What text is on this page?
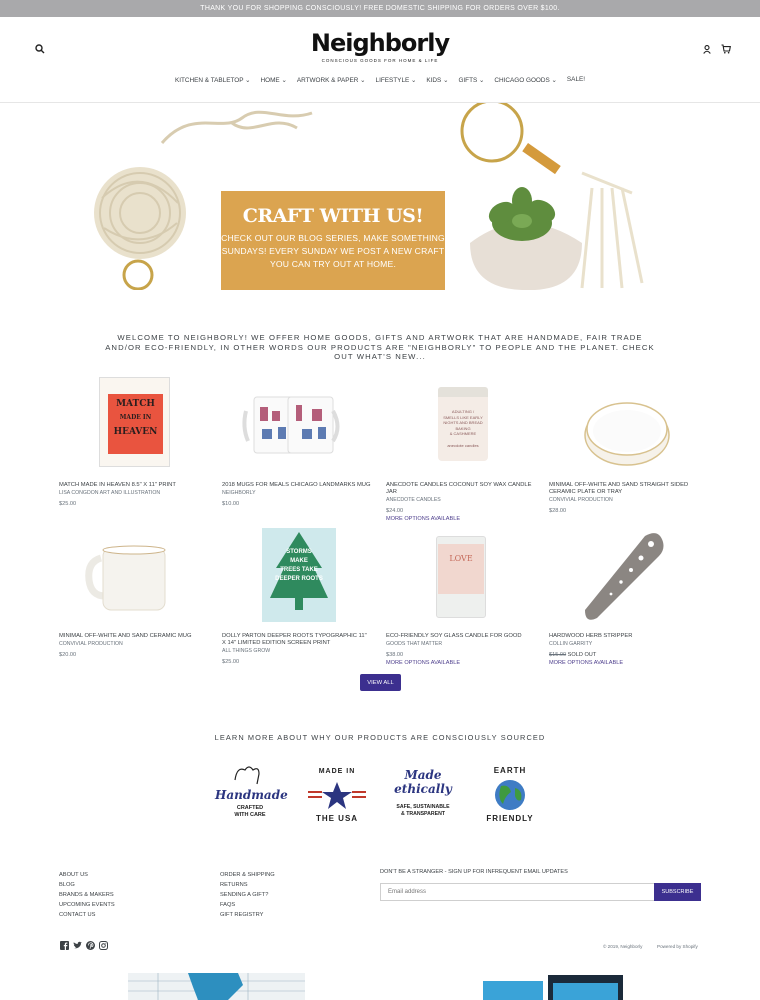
THANK YOU FOR SHOPPING CONSCIOUSLY! FREE DOMESTIC SHIPPING FOR ORDERS OVER $100.
Neighborly
CONSCIOUS GOODS FOR HOME & LIFE
KITCHEN & TABLETOP ⌄ HOME ⌄ ARTWORK & PAPER ⌄ LIFESTYLE ⌄ KIDS ⌄ GIFTS ⌄ CHICAGO GOODS ⌄ SALE!
CRAFT WITH US!
CHECK OUT OUR BLOG SERIES, MAKE SOMETHING SUNDAYS! EVERY SUNDAY WE POST A NEW CRAFT YOU CAN TRY OUT AT HOME.

WELCOME TO NEIGHBORLY! WE OFFER HOME GOODS, GIFTS AND ARTWORK THAT ARE HANDMADE, FAIR TRADE AND/OR ECO-FRIENDLY, IN OTHER WORDS OUR PRODUCTS ARE "NEIGHBORLY" TO PEOPLE AND THE PLANET. CHECK OUT WHAT'S NEW...

MATCH
MADE IN
HEAVEN
MATCH MADE IN HEAVEN 8.5" X 11" PRINT
LISA CONGDON ART AND ILLUSTRATION
$25.00
2018 MUGS FOR MEALS CHICAGO LANDMARKS MUG
NEIGHBORLY
$10.00
ADULTING /
SMELLS LIKE EARLY
NIGHTS AND BREAD
BAKING
& CASHMERE
anecdote candles
ANECDOTE CANDLES COCONUT SOY WAX CANDLE JAR
ANECDOTE CANDLES
$24.00
MORE OPTIONS AVAILABLE
MINIMAL OFF-WHITE AND SAND STRAIGHT SIDED CERAMIC PLATE OR TRAY
CONVIVIAL PRODUCTION
$28.00
MINIMAL OFF-WHITE AND SAND CERAMIC MUG
CONVIVIAL PRODUCTION
$20.00
STORMS
MAKE
TREES TAKE
DEEPER ROOTS
DOLLY PARTON DEEPER ROOTS TYPOGRAPHIC 11" X 14" LIMITED EDITION SCREEN PRINT
ALL THINGS GROW
$25.00
LOVE
ECO-FRIENDLY SOY GLASS CANDLE FOR GOOD
GOODS THAT MATTER
$38.00
MORE OPTIONS AVAILABLE
HARDWOOD HERB STRIPPER
COLLIN GARRITY
$15.00 SOLD OUT
MORE OPTIONS AVAILABLE
VIEW ALL
LEARN MORE ABOUT WHY OUR PRODUCTS ARE CONSCIOUSLY SOURCED
Handmade
CRAFTED
WITH CARE
MADE IN
THE USA
Made
ethically
SAFE, SUSTAINABLE
& TRANSPARENT
EARTH
FRIENDLY
ABOUT US
BLOG
BRANDS & MAKERS
UPCOMING EVENTS
CONTACT US
ORDER & SHIPPING
RETURNS
SENDING A GIFT?
FAQS
GIFT REGISTRY
DON'T BE A STRANGER - SIGN UP FOR INFREQUENT EMAIL UPDATES
Email address	SUBSCRIBE
© 2019, Neighborly	Powered by Shopify
